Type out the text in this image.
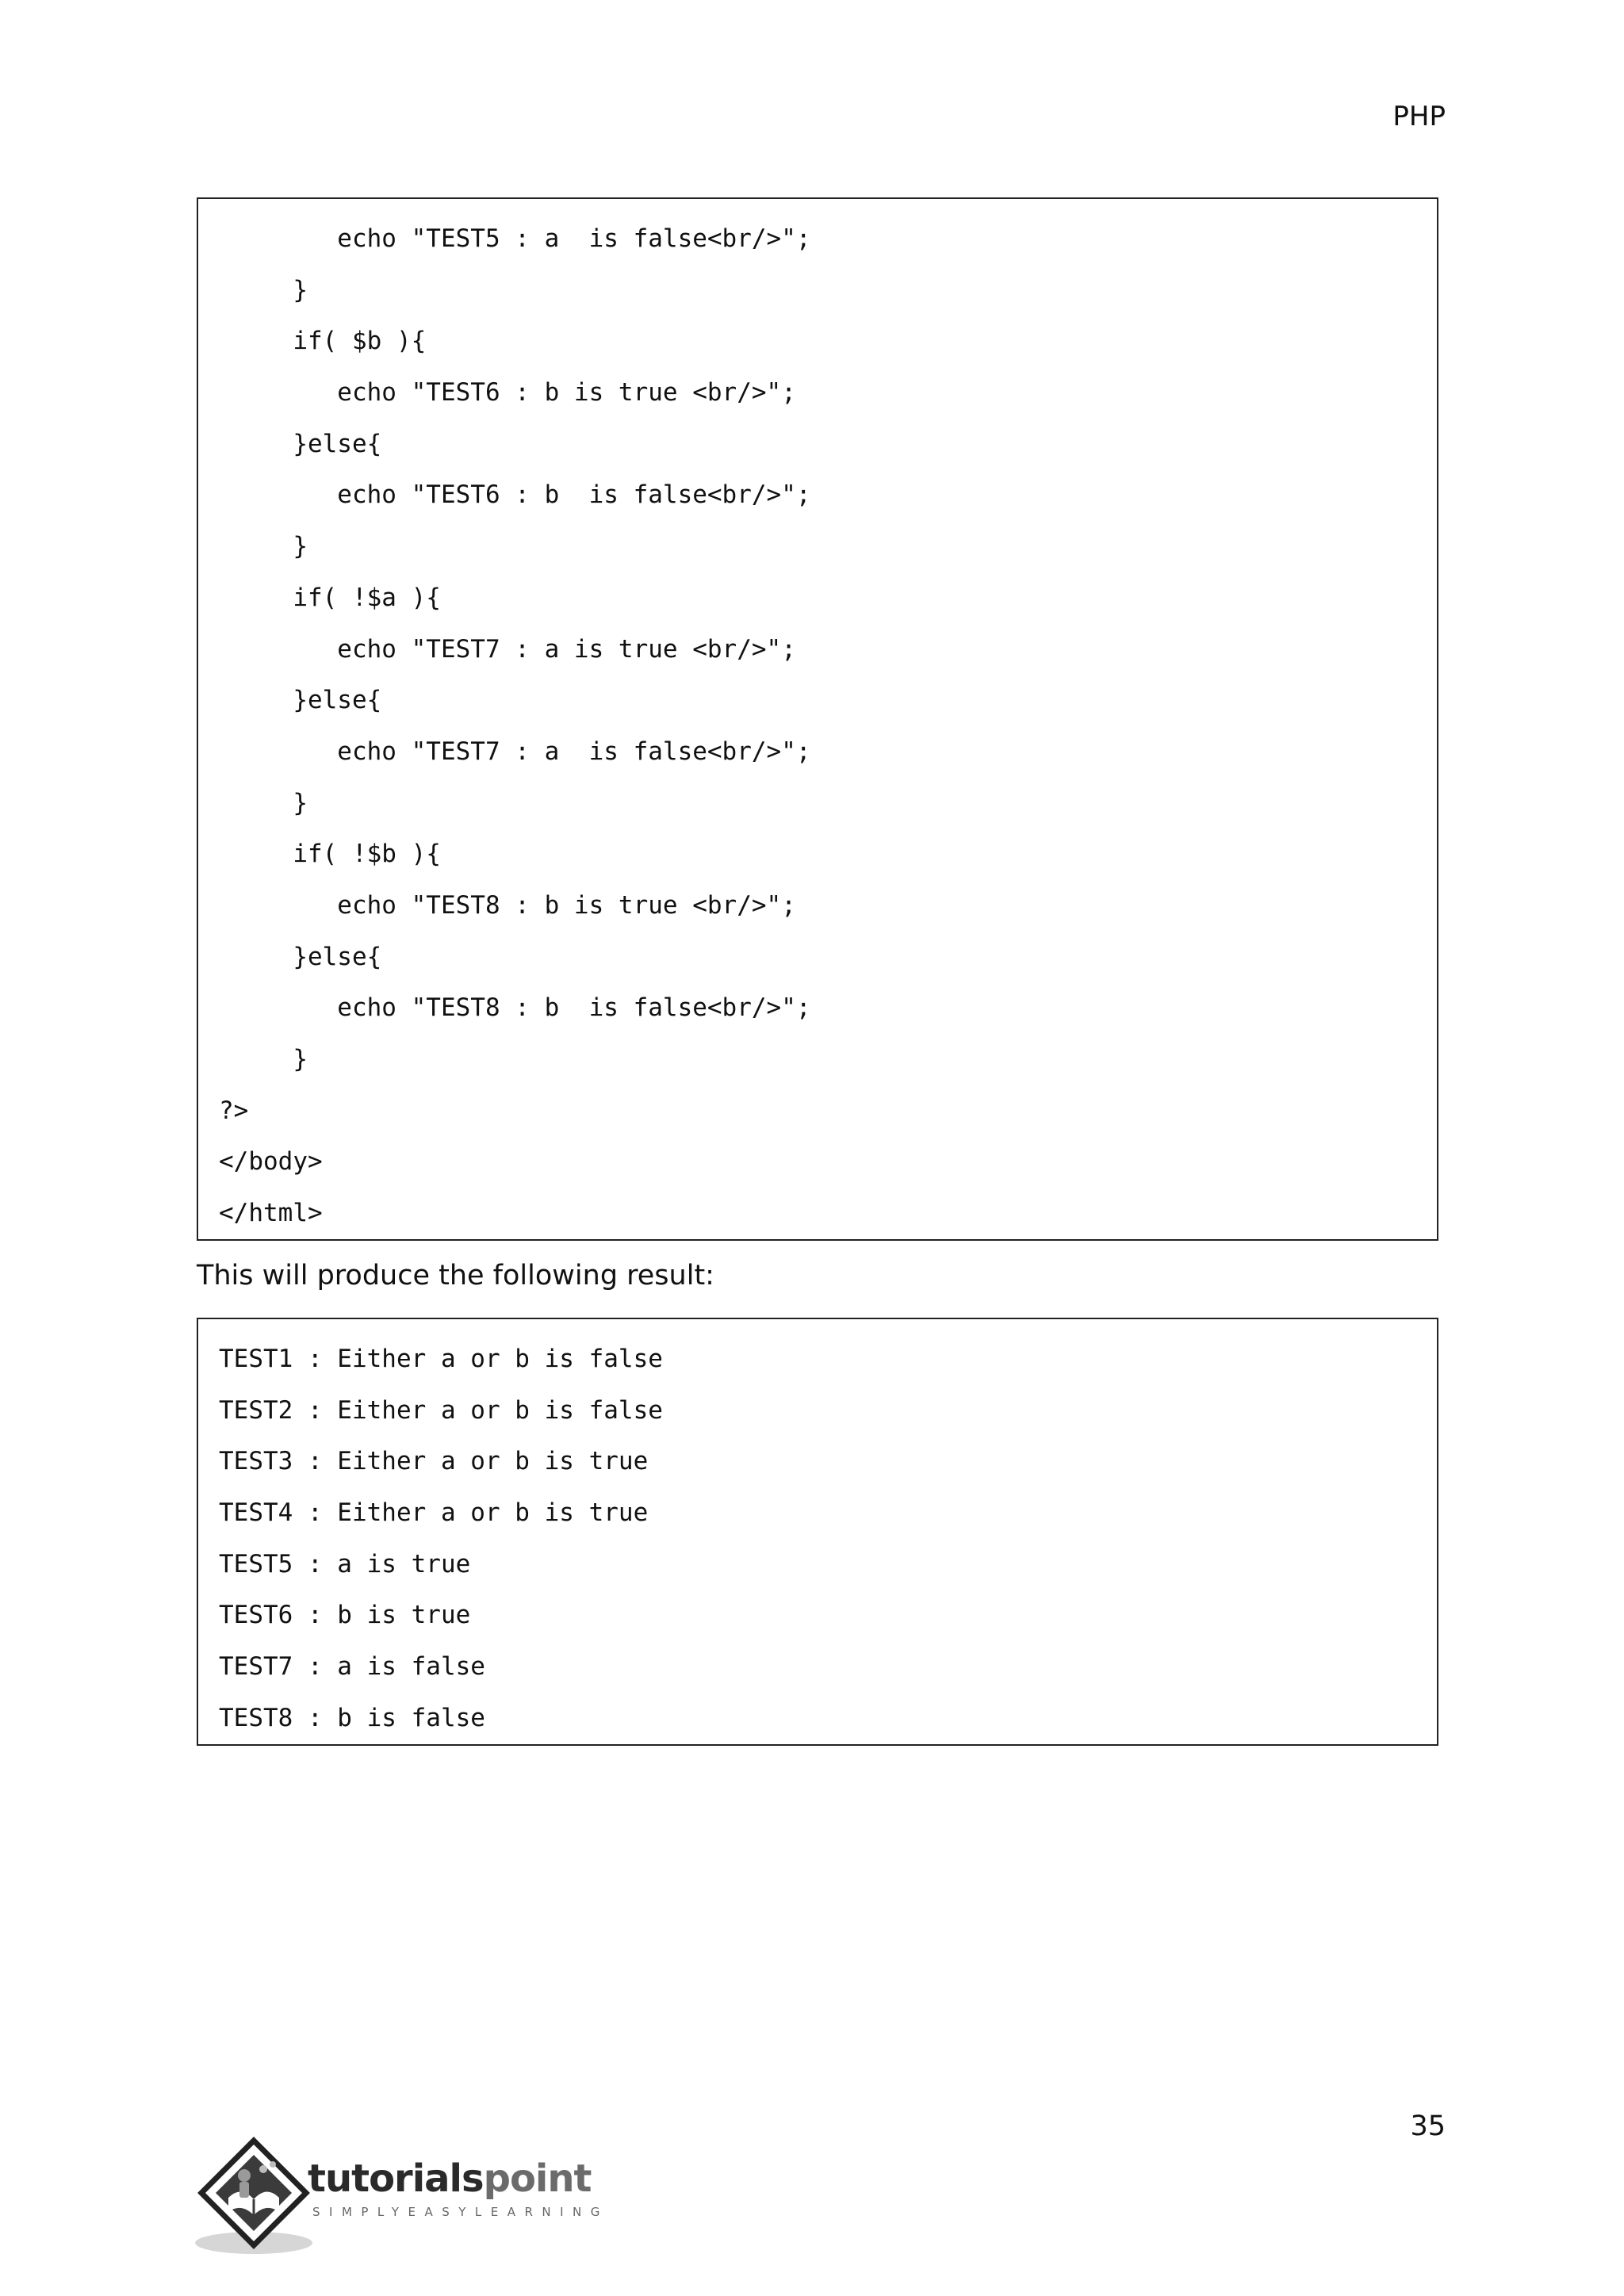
PHP
echo "TEST5 : a  is false<br/>";
}
if( $b ){
echo "TEST6 : b is true <br/>";
}else{
echo "TEST6 : b  is false<br/>";
}
if( !$a ){
echo "TEST7 : a is true <br/>";
}else{
echo "TEST7 : a  is false<br/>";
}
if( !$b ){
echo "TEST8 : b is true <br/>";
}else{
echo "TEST8 : b  is false<br/>";
}
?>
</body>
</html>

This will produce the following result:

TEST1 : Either a or b is false
TEST2 : Either a or b is false
TEST3 : Either a or b is true
TEST4 : Either a or b is true
TEST5 : a is true
TEST6 : b is true
TEST7 : a is false
TEST8 : b is false

35

tutorialspoint
SIMPLYEASYLEARNING
